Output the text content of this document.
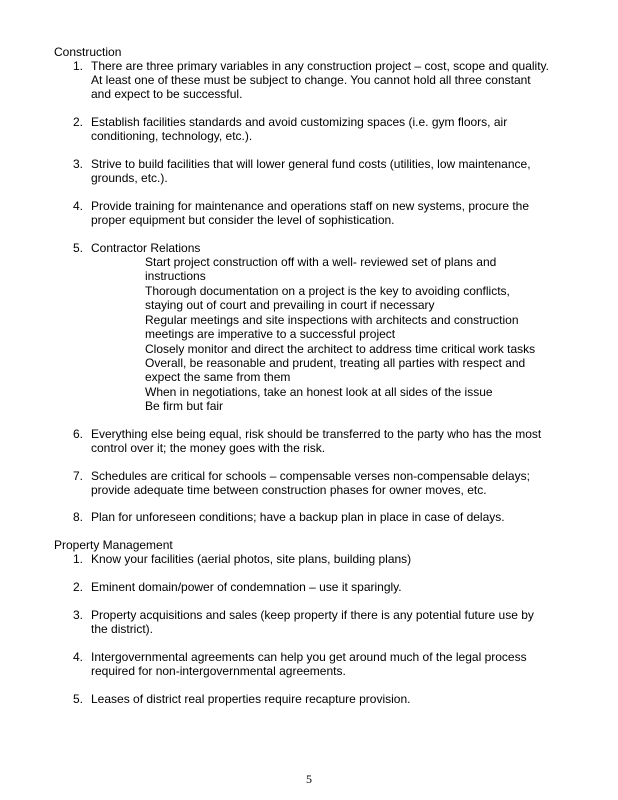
Construction
1. There are three primary variables in any construction project – cost, scope and quality. At least one of these must be subject to change. You cannot hold all three constant and expect to be successful.
2. Establish facilities standards and avoid customizing spaces (i.e. gym floors, air conditioning, technology, etc.).
3. Strive to build facilities that will lower general fund costs (utilities, low maintenance, grounds, etc.).
4. Provide training for maintenance and operations staff on new systems, procure the proper equipment but consider the level of sophistication.
5. Contractor Relations
Start project construction off with a well- reviewed set of plans and instructions
Thorough documentation on a project is the key to avoiding conflicts, staying out of court and prevailing in court if necessary
Regular meetings and site inspections with architects and construction meetings are imperative to a successful project
Closely monitor and direct the architect to address time critical work tasks
Overall, be reasonable and prudent, treating all parties with respect and expect the same from them
When in negotiations, take an honest look at all sides of the issue
Be firm but fair
6. Everything else being equal, risk should be transferred to the party who has the most control over it; the money goes with the risk.
7. Schedules are critical for schools – compensable verses non-compensable delays; provide adequate time between construction phases for owner moves, etc.
8. Plan for unforeseen conditions; have a backup plan in place in case of delays.
Property Management
1. Know your facilities (aerial photos, site plans, building plans)
2. Eminent domain/power of condemnation – use it sparingly.
3. Property acquisitions and sales (keep property if there is any potential future use by the district).
4. Intergovernmental agreements can help you get around much of the legal process required for non-intergovernmental agreements.
5. Leases of district real properties require recapture provision.
5
